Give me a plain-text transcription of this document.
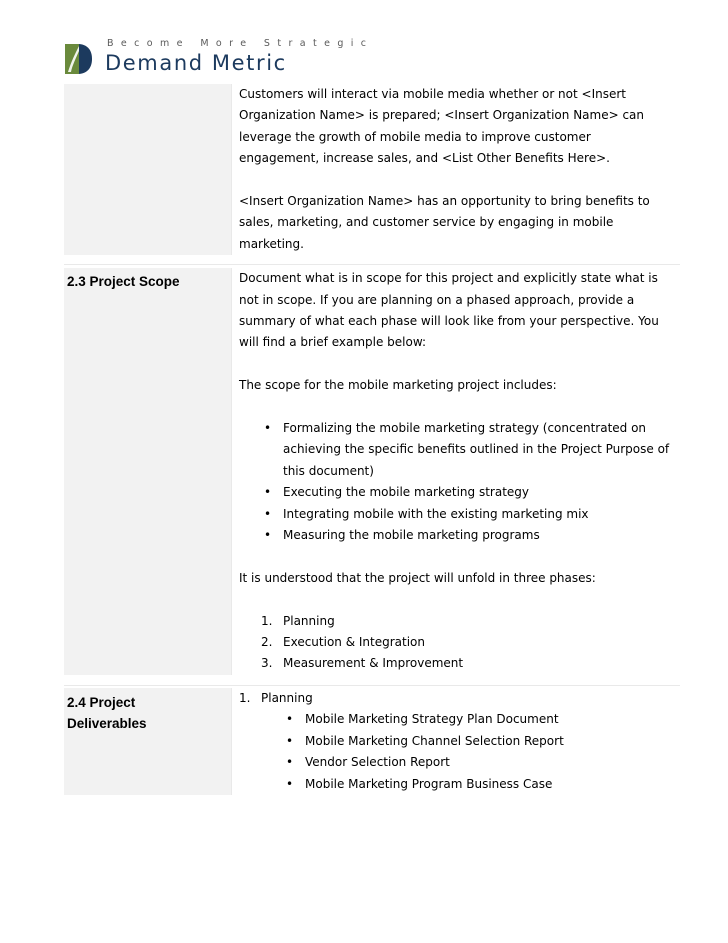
Become More Strategic
Demand Metric

Customers will interact via mobile media whether or not <Insert Organization Name> is prepared; <Insert Organization Name> can leverage the growth of mobile media to improve customer engagement, increase sales, and <List Other Benefits Here>.

<Insert Organization Name> has an opportunity to bring benefits to sales, marketing, and customer service by engaging in mobile marketing.

2.3 Project Scope	Document what is in scope for this project and explicitly state what is not in scope. If you are planning on a phased approach, provide a summary of what each phase will look like from your perspective. You will find a brief example below:

The scope for the mobile marketing project includes:

• Formalizing the mobile marketing strategy (concentrated on achieving the specific benefits outlined in the Project Purpose of this document)
• Executing the mobile marketing strategy
• Integrating mobile with the existing marketing mix
• Measuring the mobile marketing programs

It is understood that the project will unfold in three phases:

1. Planning
2. Execution & Integration
3. Measurement & Improvement
2.4 Project Deliverables
1. Planning
• Mobile Marketing Strategy Plan Document
• Mobile Marketing Channel Selection Report
• Vendor Selection Report
• Mobile Marketing Program Business Case
